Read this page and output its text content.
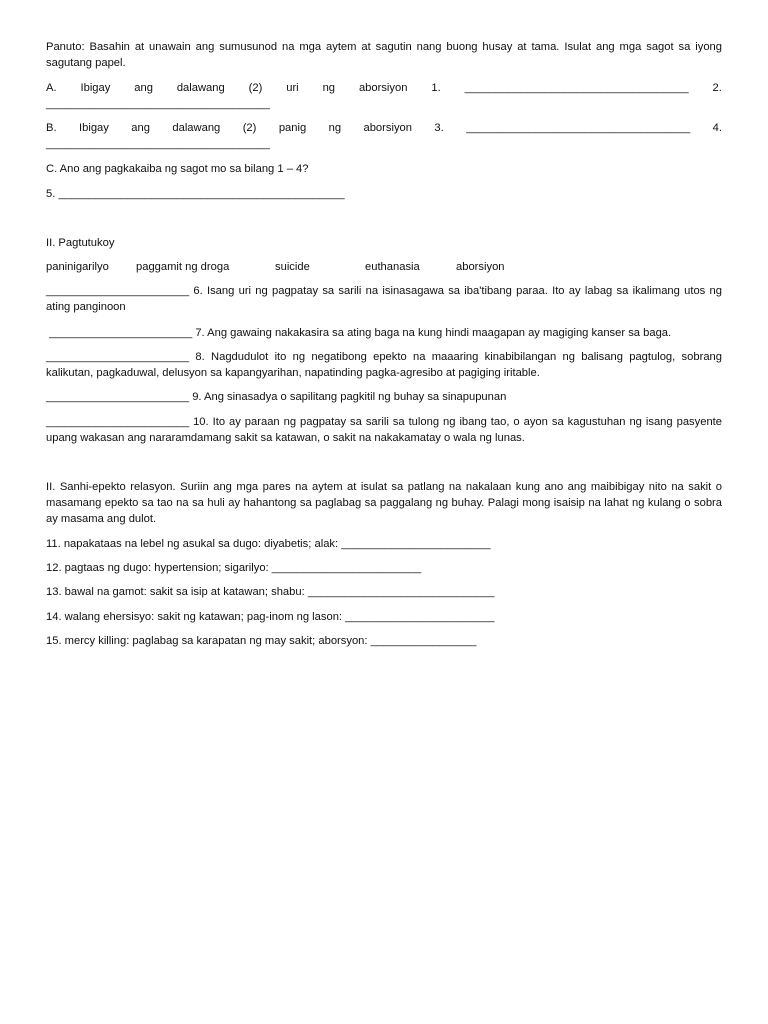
Panuto: Basahin at unawain ang sumusunod na mga aytem at sagutin nang buong husay at tama. Isulat ang mga sagot sa iyong sagutang papel.

A. Ibigay ang dalawang (2) uri ng aborsiyon 1. ____________________________________ 2.
____________________________________
B. Ibigay ang dalawang (2) panig ng aborsiyon 3. ____________________________________ 4.
____________________________________

C. Ano ang pagkakaiba ng sagot mo sa bilang 1 – 4?

5. ______________________________________________

II. Pagtutukoy

paninigarilyo	paggamit ng droga	suicide	euthanasia	aborsiyon

_______________________ 6. Isang uri ng pagpatay sa sarili na isinasagawa sa iba'tibang paraa. Ito ay labag sa ikalimang utos ng ating panginoon

_______________________ 7. Ang gawaing nakakasira sa ating baga na kung hindi maagapan ay magiging kanser sa baga.

_______________________ 8. Nagdudulot ito ng negatibong epekto na maaaring kinabibilangan ng balisang pagtulog, sobrang kalikutan, pagkaduwal, delusyon sa kapangyarihan, napatinding pagka-agresibo at pagiging iritable.

_______________________ 9. Ang sinasadya o sapilitang pagkitil ng buhay sa sinapupunan

_______________________ 10. Ito ay paraan ng pagpatay sa sarili sa tulong ng ibang tao, o ayon sa kagustuhan ng isang pasyente upang wakasan ang nararamdamang sakit sa katawan, o sakit na nakakamatay o wala ng lunas.

II. Sanhi-epekto relasyon. Suriin ang mga pares na aytem at isulat sa patlang na nakalaan kung ano ang maibibigay nito na sakit o masamang epekto sa tao na sa huli ay hahantong sa paglabag sa paggalang ng buhay. Palagi mong isaisip na lahat ng kulang o sobra ay masama ang dulot.

11. napakataas na lebel ng asukal sa dugo: diyabetis; alak: ________________________

12. pagtaas ng dugo: hypertension; sigarilyo: ________________________

13. bawal na gamot: sakit sa isip at katawan; shabu: ______________________________

14. walang ehersisyo: sakit ng katawan; pag-inom ng lason: ________________________

15. mercy killing: paglabag sa karapatan ng may sakit; aborsyon: _________________
